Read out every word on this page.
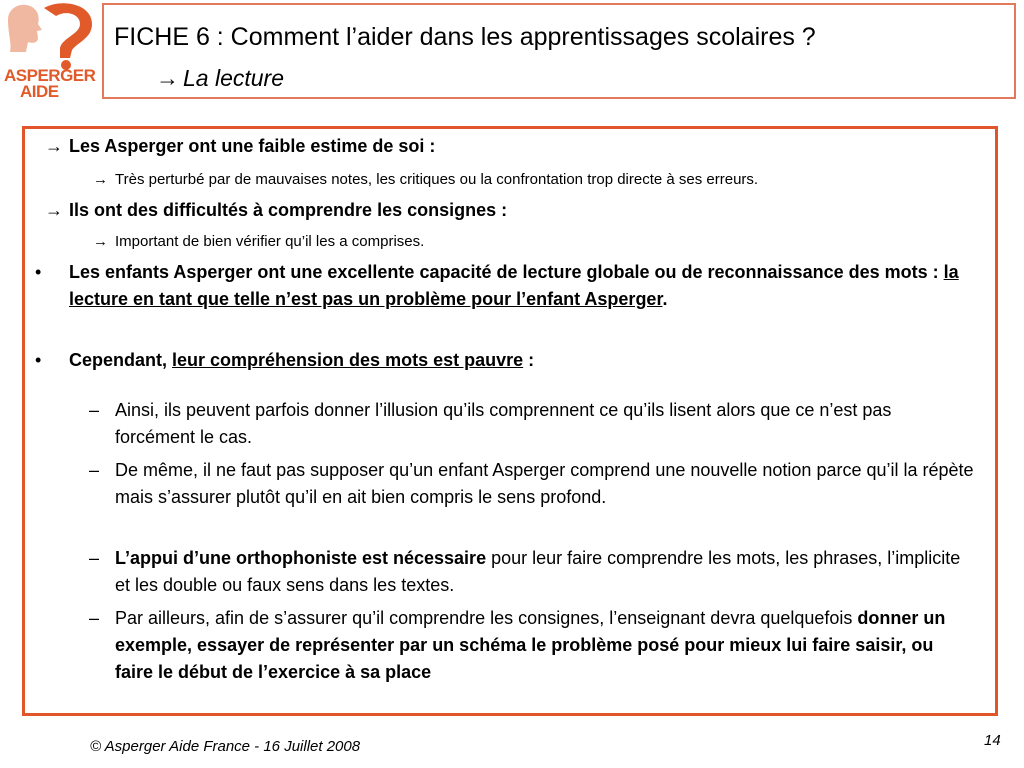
ASPERGER
AIDE
FICHE 6 : Comment l’aider dans les apprentissages scolaires ?
→ La lecture
→ Les Asperger ont une faible estime de soi :
→ Très perturbé par de mauvaises notes, les critiques ou la confrontation trop directe à ses erreurs.
→ Ils ont des difficultés à comprendre les consignes :
→ Important de bien vérifier qu’il les a comprises.
• Les enfants Asperger ont une excellente capacité de lecture globale ou de reconnaissance des mots : la lecture en tant que telle n’est pas un problème pour l’enfant Asperger.
• Cependant, leur compréhension des mots est pauvre :
– Ainsi, ils peuvent parfois donner l’illusion qu’ils comprennent ce qu’ils lisent alors que ce n’est pas forcément le cas.
– De même, il ne faut pas supposer qu’un enfant Asperger comprend une nouvelle notion parce qu’il la répète mais s’assurer plutôt qu’il en ait bien compris le sens profond.
– L’appui d’une orthophoniste est nécessaire pour leur faire comprendre les mots, les phrases, l’implicite et les double ou faux sens dans les textes.
– Par ailleurs, afin de s’assurer qu’il comprendre les consignes, l’enseignant devra quelquefois donner un exemple, essayer de représenter par un schéma le problème posé pour mieux lui faire saisir, ou faire le début de l’exercice à sa place
© Asperger Aide France - 16 Juillet 2008	14
